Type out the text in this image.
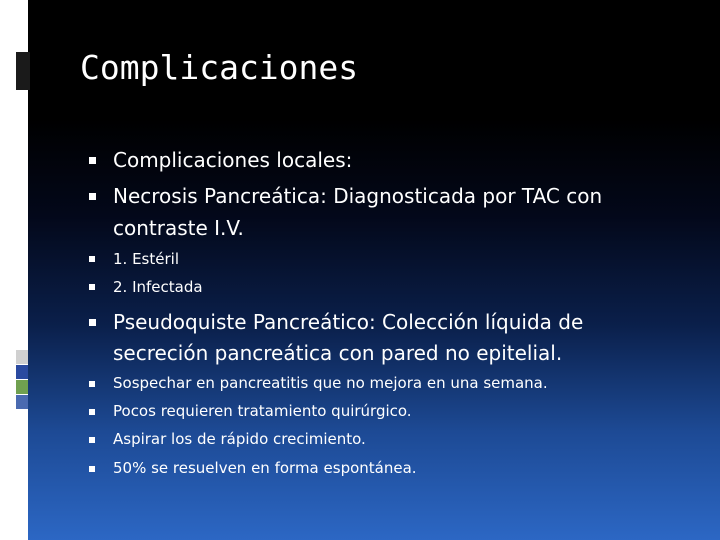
Complicaciones
Complicaciones locales:
Necrosis Pancreática: Diagnosticada por TAC con
contraste I.V.
1. Estéril
2. Infectada
Pseudoquiste Pancreático: Colección líquida de
secreción pancreática con pared no epitelial.
Sospechar en pancreatitis que no mejora en una semana.
Pocos requieren tratamiento quirúrgico.
Aspirar los de rápido crecimiento.
50% se resuelven en forma espontánea.
